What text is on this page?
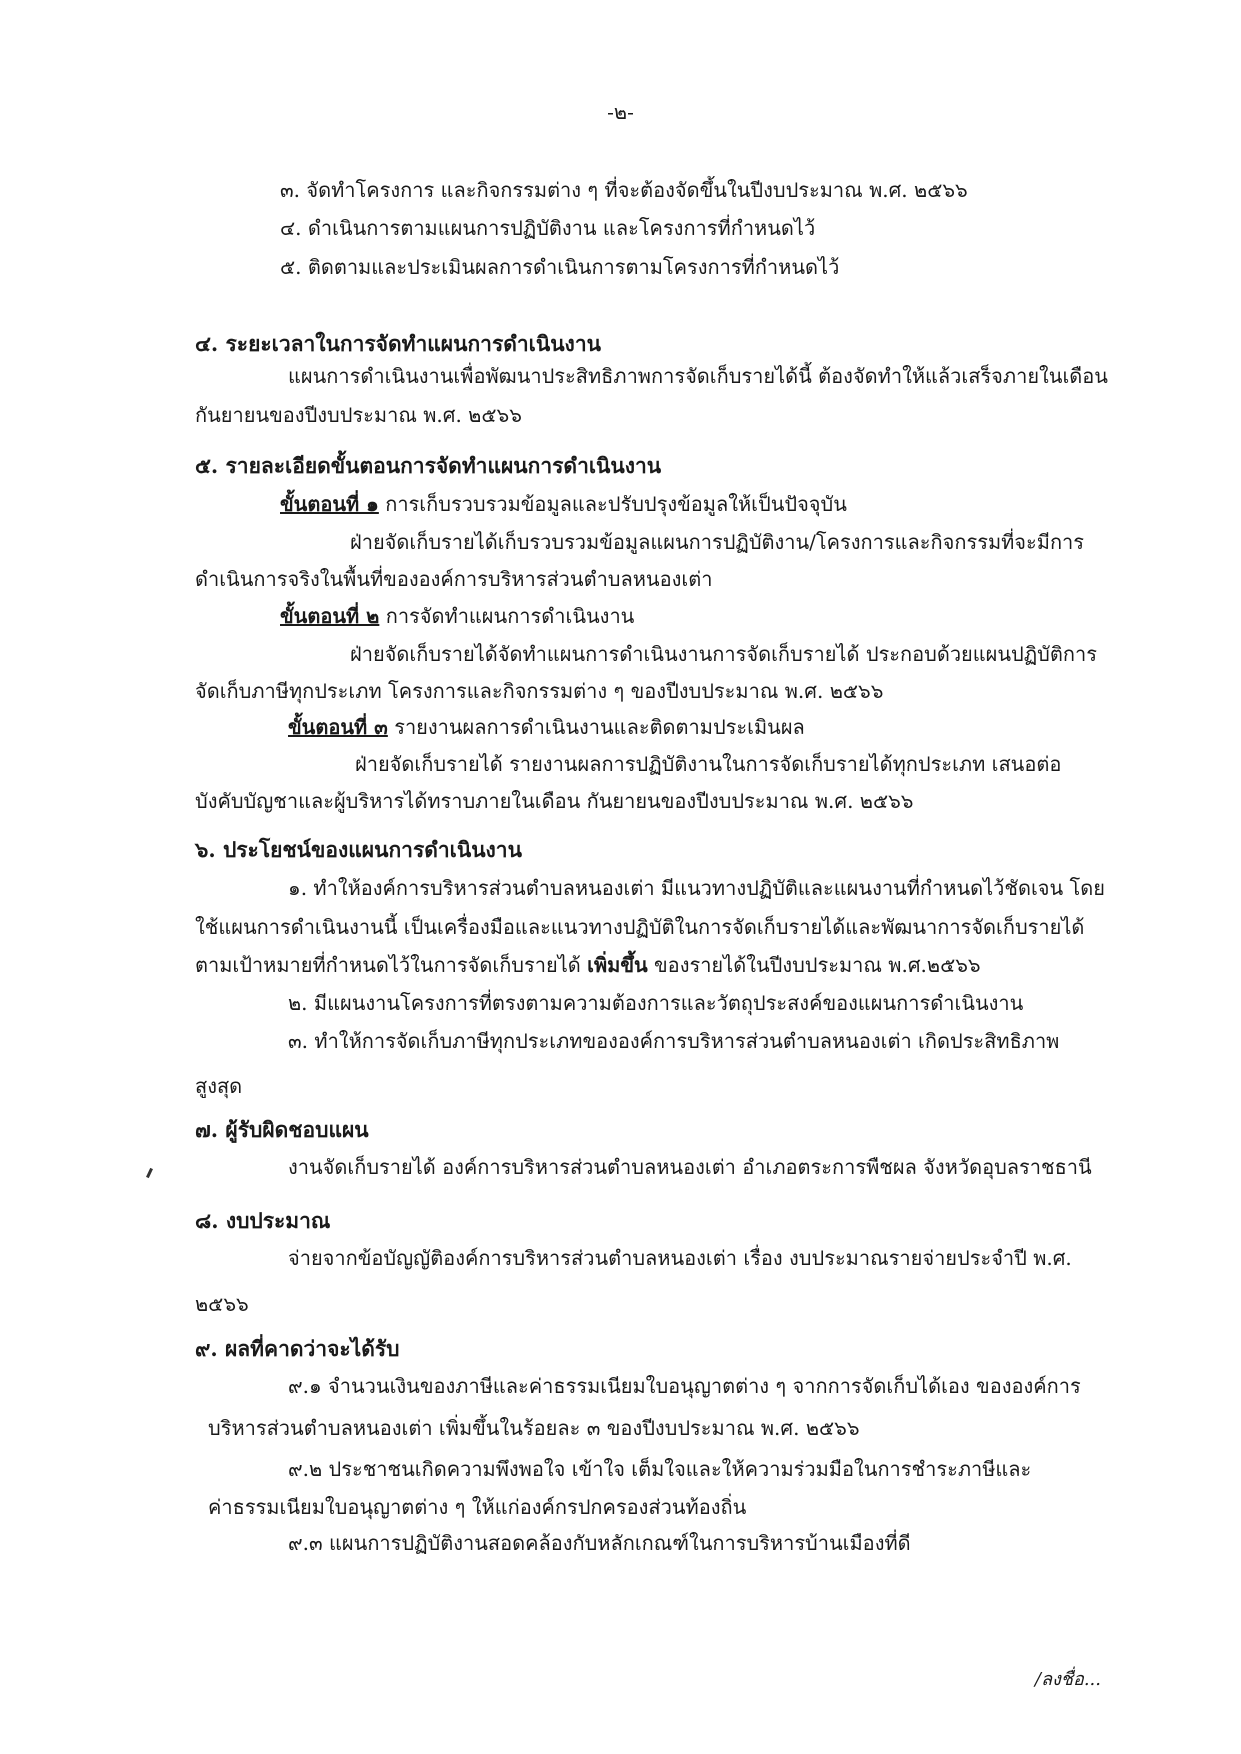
-๒-
๓. จัดทำโครงการ และกิจกรรมต่าง ๆ ที่จะต้องจัดขึ้นในปีงบประมาณ พ.ศ. ๒๕๖๖
๔. ดำเนินการตามแผนการปฏิบัติงาน และโครงการที่กำหนดไว้
๕. ติดตามและประเมินผลการดำเนินการตามโครงการที่กำหนดไว้
๔. ระยะเวลาในการจัดทำแผนการดำเนินงาน
แผนการดำเนินงานเพื่อพัฒนาประสิทธิภาพการจัดเก็บรายได้นี้ ต้องจัดทำให้แล้วเสร็จภายในเดือน
กันยายนของปีงบประมาณ พ.ศ. ๒๕๖๖
๕. รายละเอียดขั้นตอนการจัดทำแผนการดำเนินงาน
ขั้นตอนที่ ๑ การเก็บรวบรวมข้อมูลและปรับปรุงข้อมูลให้เป็นปัจจุบัน
ฝ่ายจัดเก็บรายได้เก็บรวบรวมข้อมูลแผนการปฏิบัติงาน/โครงการและกิจกรรมที่จะมีการ
ดำเนินการจริงในพื้นที่ขององค์การบริหารส่วนตำบลหนองเต่า
ขั้นตอนที่ ๒ การจัดทำแผนการดำเนินงาน
ฝ่ายจัดเก็บรายได้จัดทำแผนการดำเนินงานการจัดเก็บรายได้ ประกอบด้วยแผนปฏิบัติการ
จัดเก็บภาษีทุกประเภท โครงการและกิจกรรมต่าง ๆ ของปีงบประมาณ พ.ศ. ๒๕๖๖
ขั้นตอนที่ ๓ รายงานผลการดำเนินงานและติดตามประเมินผล
ฝ่ายจัดเก็บรายได้ รายงานผลการปฏิบัติงานในการจัดเก็บรายได้ทุกประเภท เสนอต่อ
บังคับบัญชาและผู้บริหารได้ทราบภายในเดือน กันยายนของปีงบประมาณ พ.ศ. ๒๕๖๖
๖. ประโยชน์ของแผนการดำเนินงาน
๑. ทำให้องค์การบริหารส่วนตำบลหนองเต่า มีแนวทางปฏิบัติและแผนงานที่กำหนดไว้ชัดเจน โดย
ใช้แผนการดำเนินงานนี้ เป็นเครื่องมือและแนวทางปฏิบัติในการจัดเก็บรายได้และพัฒนาการจัดเก็บรายได้
ตามเป้าหมายที่กำหนดไว้ในการจัดเก็บรายได้ เพิ่มขึ้น ของรายได้ในปีงบประมาณ พ.ศ.๒๕๖๖
๒. มีแผนงานโครงการที่ตรงตามความต้องการและวัตถุประสงค์ของแผนการดำเนินงาน
๓. ทำให้การจัดเก็บภาษีทุกประเภทขององค์การบริหารส่วนตำบลหนองเต่า เกิดประสิทธิภาพ
สูงสุด
๗. ผู้รับผิดชอบแผน
งานจัดเก็บรายได้ องค์การบริหารส่วนตำบลหนองเต่า อำเภอตระการพืชผล จังหวัดอุบลราชธานี
๘. งบประมาณ
จ่ายจากข้อบัญญัติองค์การบริหารส่วนตำบลหนองเต่า เรื่อง งบประมาณรายจ่ายประจำปี พ.ศ.
๒๕๖๖
๙. ผลที่คาดว่าจะได้รับ
๙.๑ จำนวนเงินของภาษีและค่าธรรมเนียมใบอนุญาตต่าง ๆ จากการจัดเก็บได้เอง ขององค์การ
บริหารส่วนตำบลหนองเต่า เพิ่มขึ้นในร้อยละ ๓ ของปีงบประมาณ พ.ศ. ๒๕๖๖
๙.๒ ประชาชนเกิดความพึงพอใจ เข้าใจ เต็มใจและให้ความร่วมมือในการชำระภาษีและ
ค่าธรรมเนียมใบอนุญาตต่าง ๆ ให้แก่องค์กรปกครองส่วนท้องถิ่น
๙.๓ แผนการปฏิบัติงานสอดคล้องกับหลักเกณฑ์ในการบริหารบ้านเมืองที่ดี
/ลงชื่อ...
